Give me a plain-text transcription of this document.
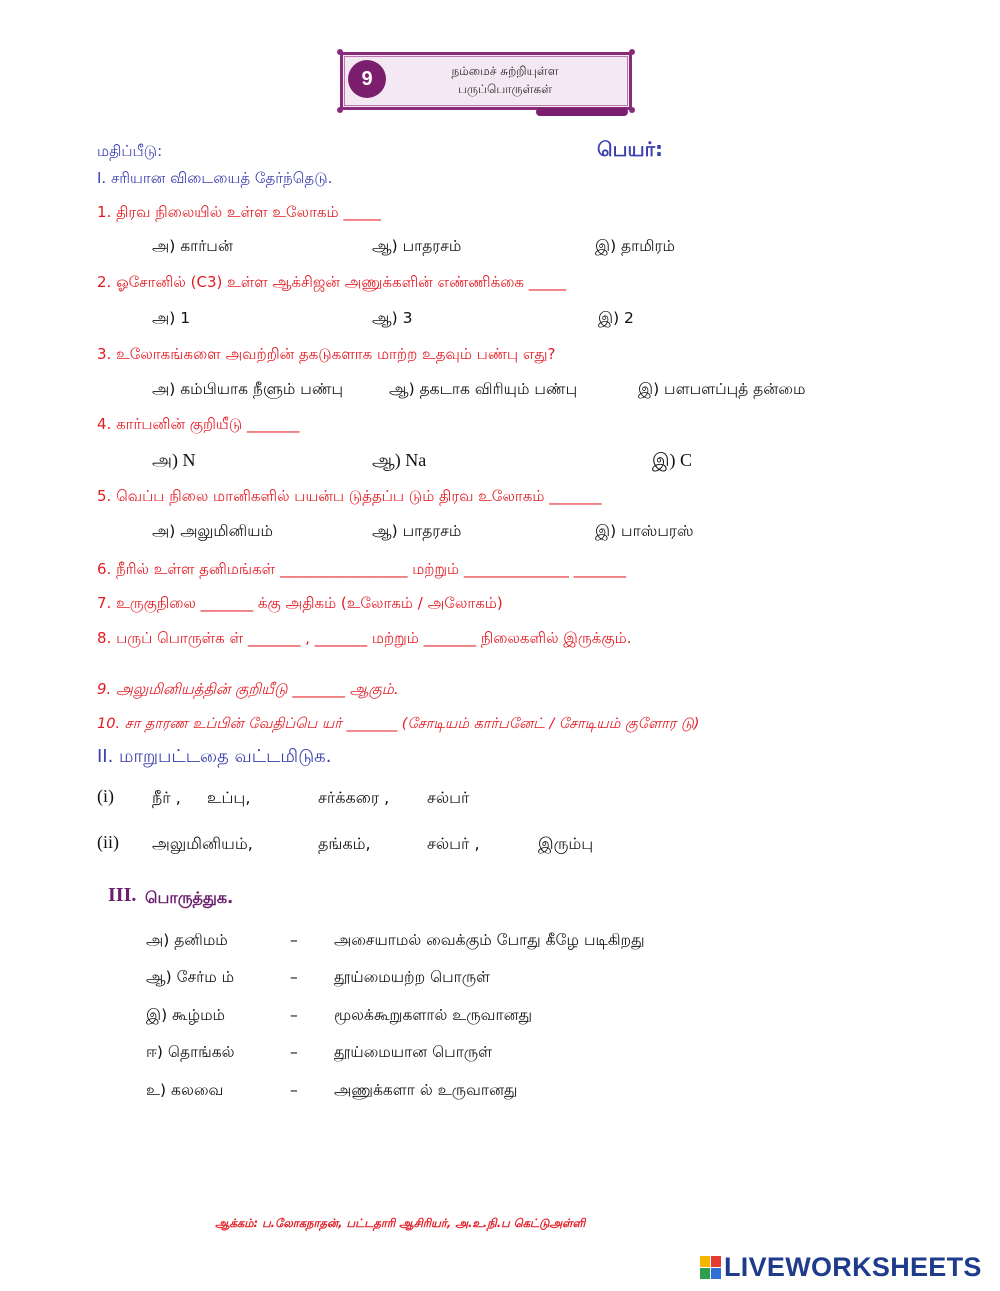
9	நம்மைச் சுற்றியுள்ள
பருப்பொருள்கள்
மதிப்பீடு:	பெயர்:
I. சரியான விடையைத் தேர்ந்தெடு.
1. திரவ நிலையில் உள்ள உலோகம் _____
அ) கார்பன்	ஆ) பாதரசம்	இ) தாமிரம்
2. ஓசோனில் (C3) உள்ள ஆக்சிஜன் அணுக்களின் எண்ணிக்கை _____
அ) 1	ஆ) 3	இ) 2
3. உலோகங்களை அவற்றின் தகடுகளாக மாற்ற உதவும் பண்பு எது?
அ) கம்பியாக நீளும் பண்பு	ஆ) தகடாக விரியும் பண்பு	இ) பளபளப்புத் தன்மை
4. கார்பனின் குறியீடு _______
அ) N	ஆ) Na	இ) C
5. வெப்ப நிலை மானிகளில் பயன்ப டுத்தப்ப டும் திரவ உலோகம் _______
அ) அலுமினியம்	ஆ) பாதரசம்	இ) பாஸ்பரஸ்
6. நீரில் உள்ள தனிமங்கள் _________________ மற்றும் ______________ _______
7. உருகுநிலை _______ க்கு அதிகம் (உலோகம் / அலோகம்)
8. பருப் பொருள்க ள் _______ , _______ மற்றும் _______ நிலைகளில் இருக்கும்.
9. அலுமினியத்தின் குறியீடு _______ ஆகும்.
10. சா தாரண உப்பின் வேதிப்பெ யர் _______ (சோடியம் கார்பனேட் / சோடியம் குளோர டு)
II. மாறுபட்டதை வட்டமிடுக.
(i) நீர் , உப்பு,	சர்க்கரை , சல்பர்
(ii) அலுமினியம்,	தங்கம்,	சல்பர் ,	இரும்பு
III. பொருத்துக.
அ) தனிமம்	– அசையாமல் வைக்கும் போது கீழே படிகிறது
ஆ) சேர்ம ம்	– தூய்மையற்ற பொருள்
இ) கூழ்மம்	– மூலக்கூறுகளால் உருவானது
ஈ) தொங்கல்	– தூய்மையான பொருள்
உ) கலவை	– அணுக்களா ல் உருவானது
ஆக்கம்: ப.லோகநாதன், பட்டதாரி ஆசிரியர், அ.உ.நி.ப கெட்டுஅள்ளி
LIVEWORKSHEETS
